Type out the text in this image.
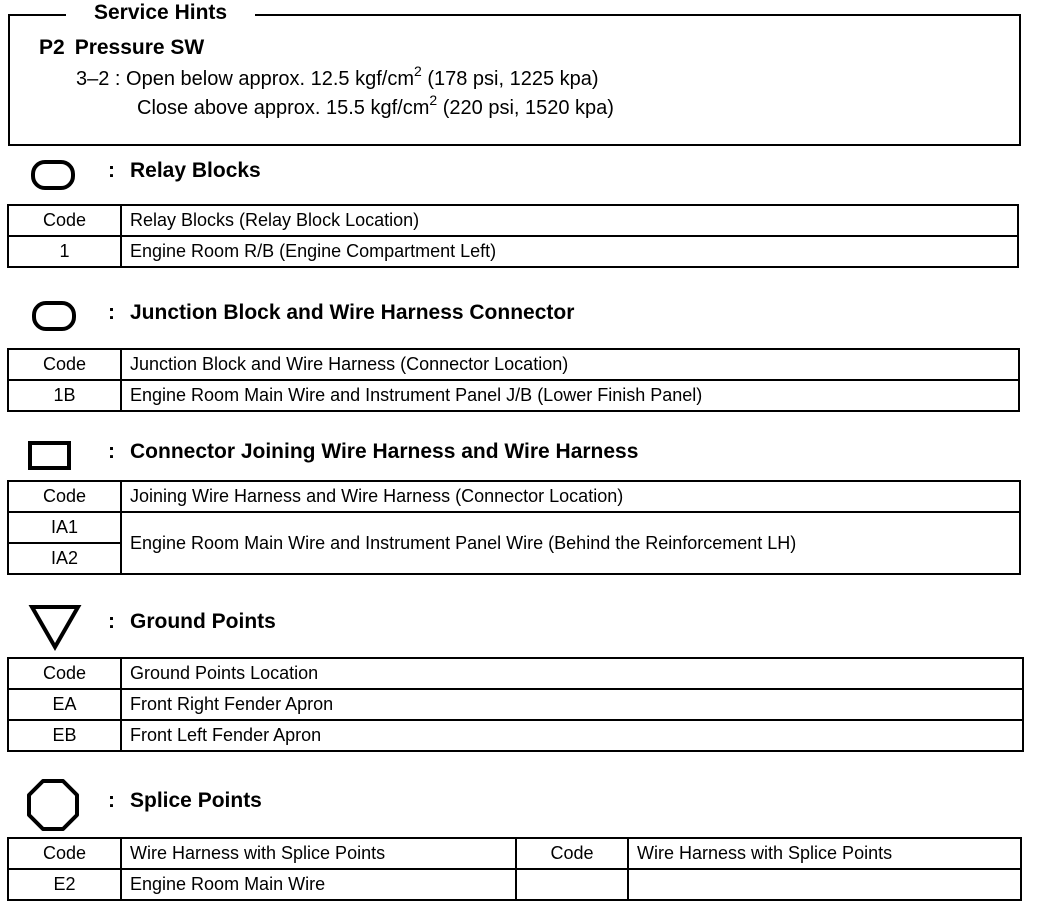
Service Hints
P2 Pressure SW
3–2 : Open below approx. 12.5 kgf/$cm^2$ (178 psi, 1225 kpa)
Close above approx. 15.5 kgf/$cm^2$ (220 psi, 1520 kpa)
: Relay Blocks
Code	Relay Blocks (Relay Block Location)
1	Engine Room R/B (Engine Compartment Left)
: Junction Block and Wire Harness Connector
Code	Junction Block and Wire Harness (Connector Location)
1B	Engine Room Main Wire and Instrument Panel J/B (Lower Finish Panel)
: Connector Joining Wire Harness and Wire Harness
Code	Joining Wire Harness and Wire Harness (Connector Location)
IA1	Engine Room Main Wire and Instrument Panel Wire (Behind the Reinforcement LH)
IA2	
: Ground Points
Code	Ground Points Location
EA	Front Right Fender Apron
EB	Front Left Fender Apron
: Splice Points
Code	Wire Harness with Splice Points	Code	Wire Harness with Splice Points
E2	Engine Room Main Wire		
